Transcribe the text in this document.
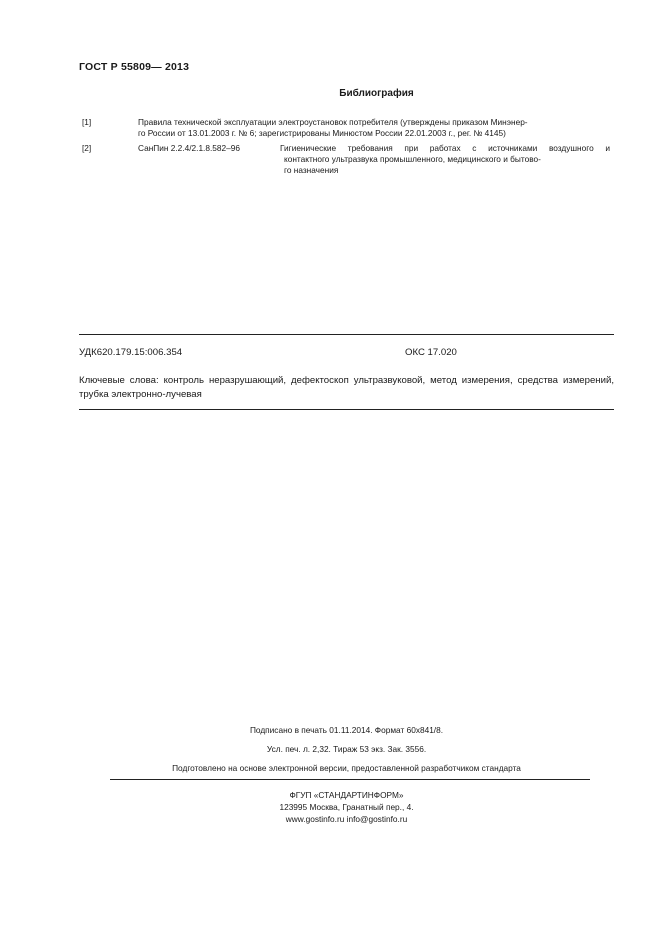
ГОСТ Р 55809— 2013
Библиография
[1]	Правила технической эксплуатации электроустановок потребителя (утверждены приказом Минэнер-
го России от 13.01.2003 г. № 6; зарегистрированы Минюстом России 22.01.2003 г., рег. № 4145)
[2]	СанПин 2.2.4/2.1.8.582–96	Гигиенические требования при работах с источниками воздушного и
контактного ультразвука промышленного, медицинского и бытово-
го назначения
УДК620.179.15:006.354	ОКС 17.020
Ключевые слова: контроль неразрушающий, дефектоскоп ультразвуковой, метод измерения, средства измерений, трубка электронно-лучевая
Подписано в печать 01.11.2014. Формат 60x841/8.
Усл. печ. л. 2,32. Тираж 53 экз. Зак. 3556.
Подготовлено на основе электронной версии, предоставленной разработчиком стандарта
ФГУП «СТАНДАРТИНФОРМ»
123995 Москва, Гранатный пер., 4.
www.gostinfo.ru info@gostinfo.ru
